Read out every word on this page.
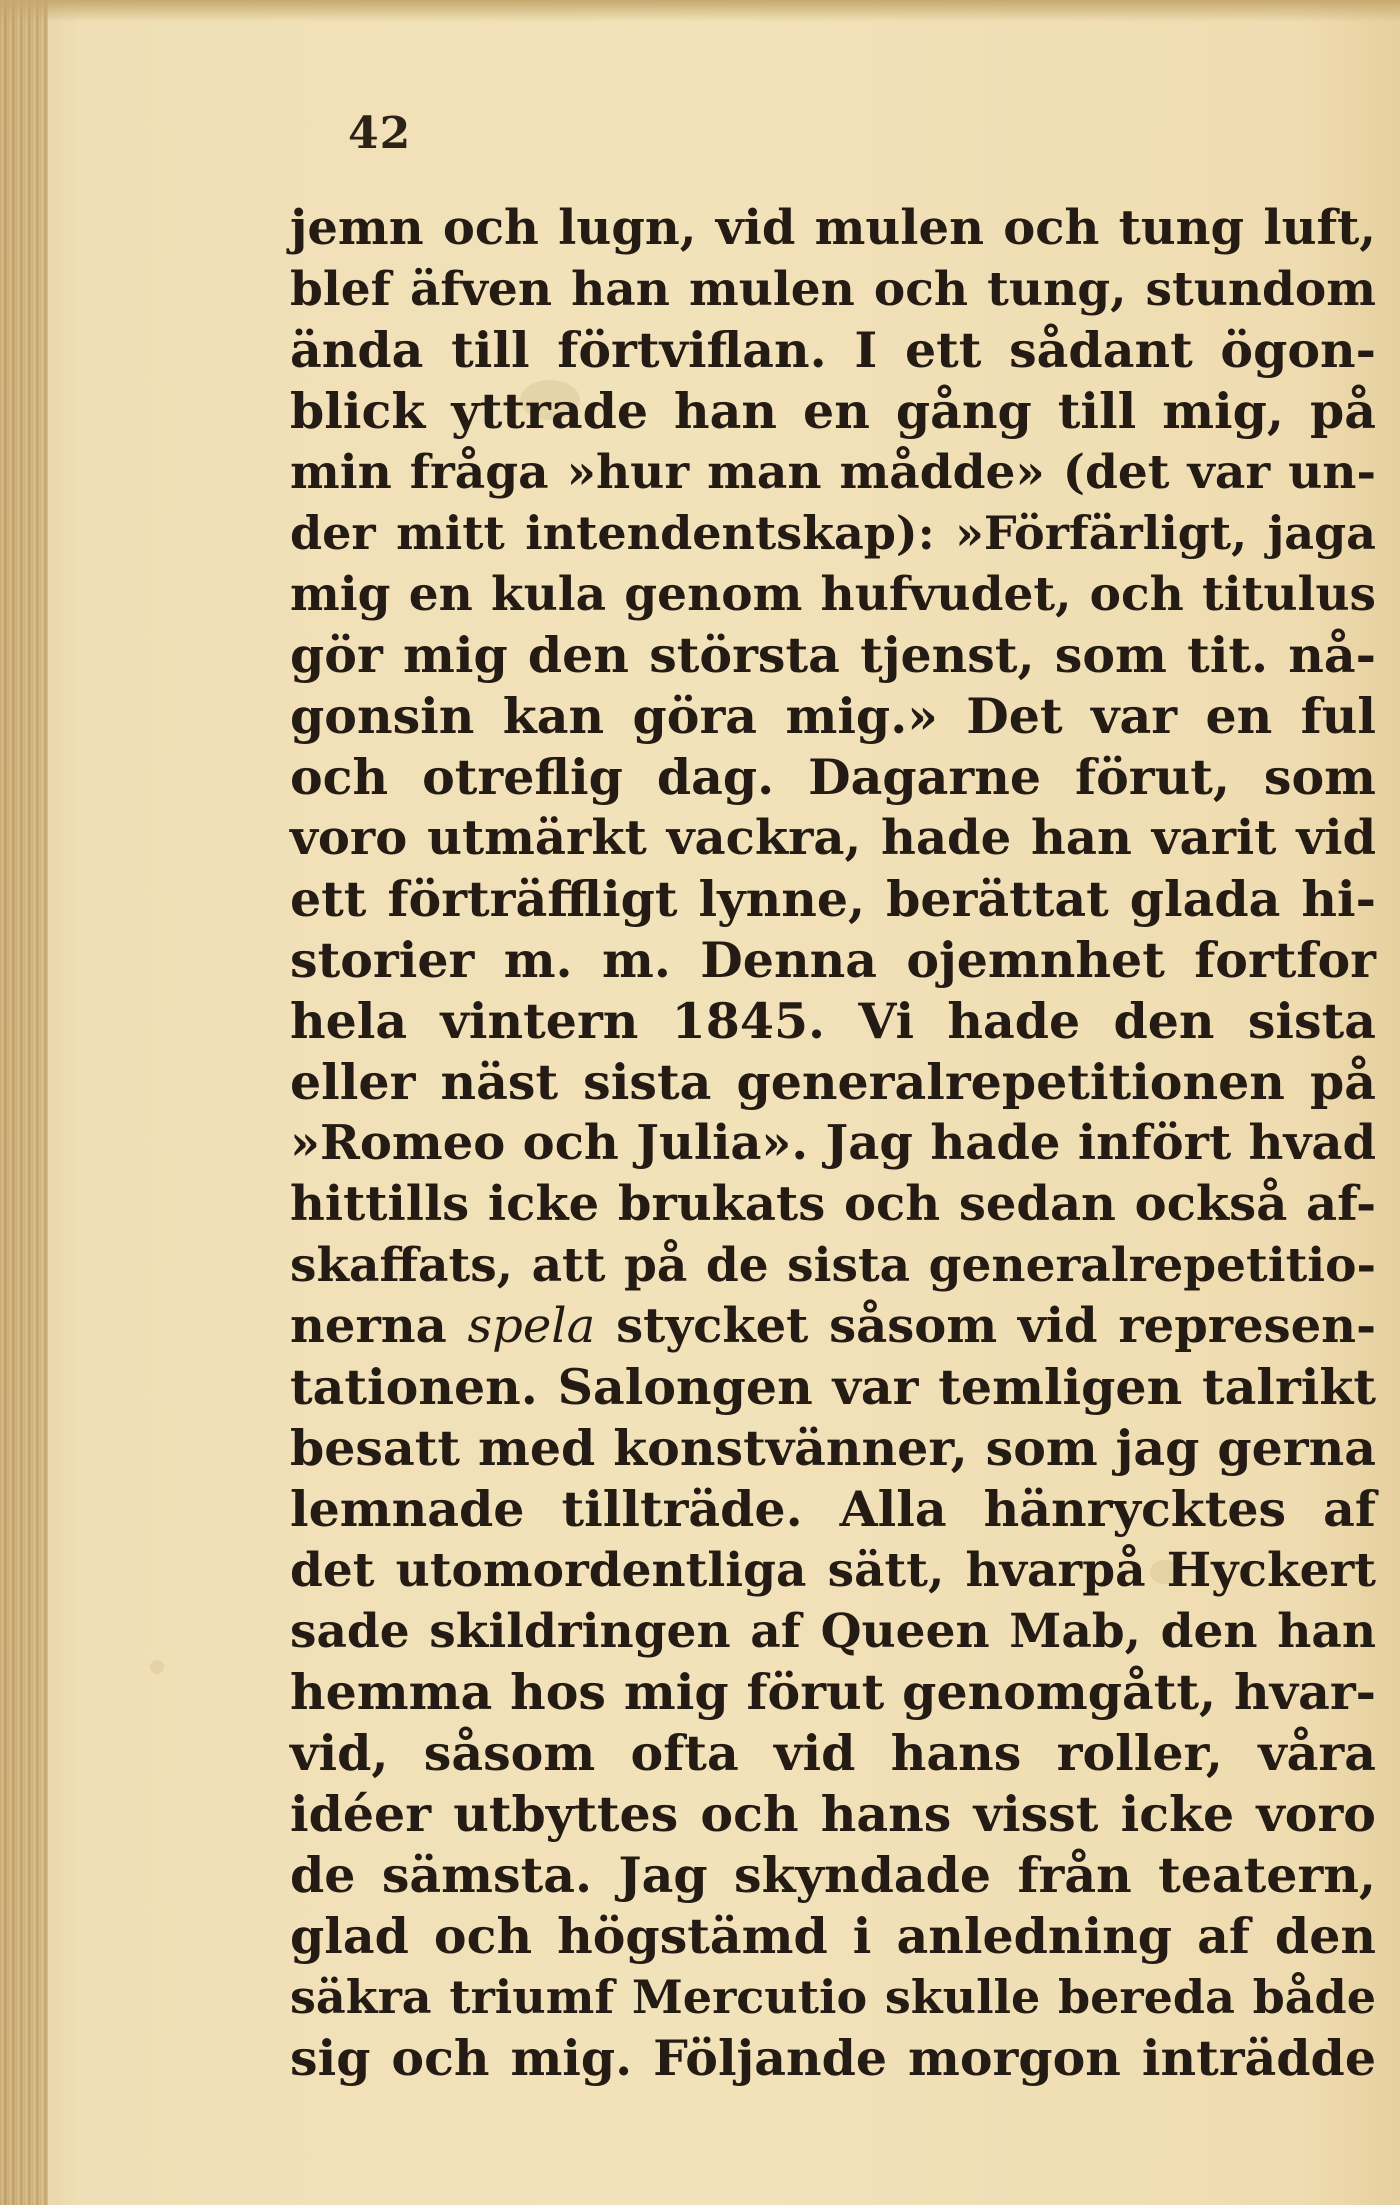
42
jemn och lugn, vid mulen och tung luft,
blef äfven han mulen och tung, stundom
ända till förtviflan. I ett sådant ögon-
blick yttrade han en gång till mig, på
min fråga »hur man mådde» (det var un-
der mitt intendentskap): »Förfärligt, jaga
mig en kula genom hufvudet, och titulus
gör mig den största tjenst, som tit. nå-
gonsin kan göra mig.» Det var en ful
och otreflig dag. Dagarne förut, som
voro utmärkt vackra, hade han varit vid
ett förträffligt lynne, berättat glada hi-
storier m. m. Denna ojemnhet fortfor
hela vintern 1845. Vi hade den sista
eller näst sista generalrepetitionen på
»Romeo och Julia». Jag hade infört hvad
hittills icke brukats och sedan också af-
skaffats, att på de sista generalrepetitio-
nerna spela stycket såsom vid represen-
tationen. Salongen var temligen talrikt
besatt med konstvänner, som jag gerna
lemnade tillträde. Alla hänrycktes af
det utomordentliga sätt, hvarpå Hyckert
sade skildringen af Queen Mab, den han
hemma hos mig förut genomgått, hvar-
vid, såsom ofta vid hans roller, våra
idéer utbyttes och hans visst icke voro
de sämsta. Jag skyndade från teatern,
glad och högstämd i anledning af den
säkra triumf Mercutio skulle bereda både
sig och mig. Följande morgon inträdde
